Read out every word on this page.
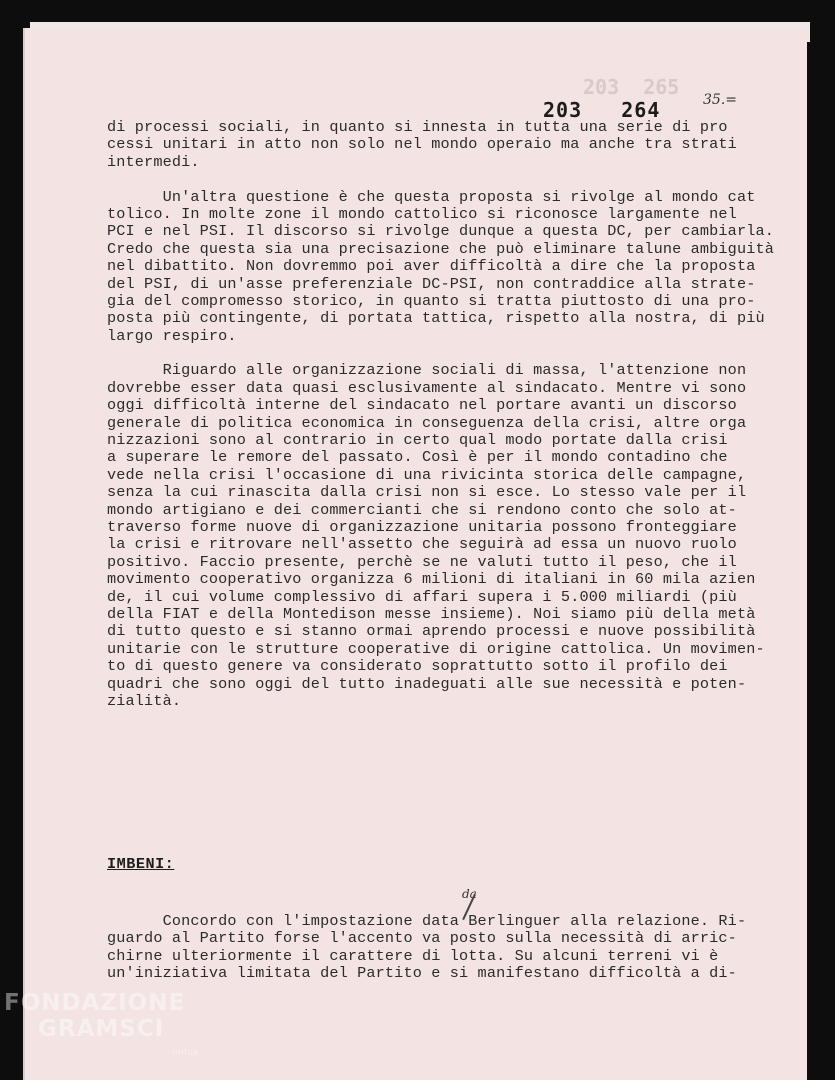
203  265
203   264	35.=
di processi sociali, in quanto si innesta in tutta una serie di pro
cessi unitari in atto non solo nel mondo operaio ma anche tra strati
intermedi.
Un'altra questione è che questa proposta si rivolge al mondo cat
tolico. In molte zone il mondo cattolico si riconosce largamente nel
PCI e nel PSI. Il discorso si rivolge dunque a questa DC, per cambiarla.
Credo che questa sia una precisazione che può eliminare talune ambiguità
nel dibattito. Non dovremmo poi aver difficoltà a dire che la proposta
del PSI, di un'asse preferenziale DC-PSI, non contraddice alla strate-
gia del compromesso storico, in quanto si tratta piuttosto di una pro-
posta più contingente, di portata tattica, rispetto alla nostra, di più
largo respiro.
Riguardo alle organizzazione sociali di massa, l'attenzione non
dovrebbe esser data quasi esclusivamente al sindacato. Mentre vi sono
oggi difficoltà interne del sindacato nel portare avanti un discorso
generale di politica economica in conseguenza della crisi, altre orga
nizzazioni sono al contrario in certo qual modo portate dalla crisi
a superare le remore del passato. Così è per il mondo contadino che
vede nella crisi l'occasione di una rivicinta storica delle campagne,
senza la cui rinascita dalla crisi non si esce. Lo stesso vale per il
mondo artigiano e dei commercianti che si rendono conto che solo at-
traverso forme nuove di organizzazione unitaria possono fronteggiare
la crisi e ritrovare nell'assetto che seguirà ad essa un nuovo ruolo
positivo. Faccio presente, perchè se ne valuti tutto il peso, che il
movimento cooperativo organizza 6 milioni di italiani in 60 mila azien
de, il cui volume complessivo di affari supera i 5.000 miliardi (più
della FIAT e della Montedison messe insieme). Noi siamo più della metà
di tutto questo e si stanno ormai aprendo processi e nuove possibilità
unitarie con le strutture cooperative di origine cattolica. Un movimen-
to di questo genere va considerato soprattutto sotto il profilo dei
quadri che sono oggi del tutto inadeguati alle sue necessità e poten-
zialità.
IMBENI:
da
Concordo con l'impostazione data Berlinguer alla relazione. Ri-
guardo al Partito forse l'accento va posto sulla necessità di arric-
chirne ulteriormente il carattere di lotta. Su alcuni terreni vi è
un'iniziativa limitata del Partito e si manifestano difficoltà a di-
FONDAZIONE
GRAMSCI
onlus
